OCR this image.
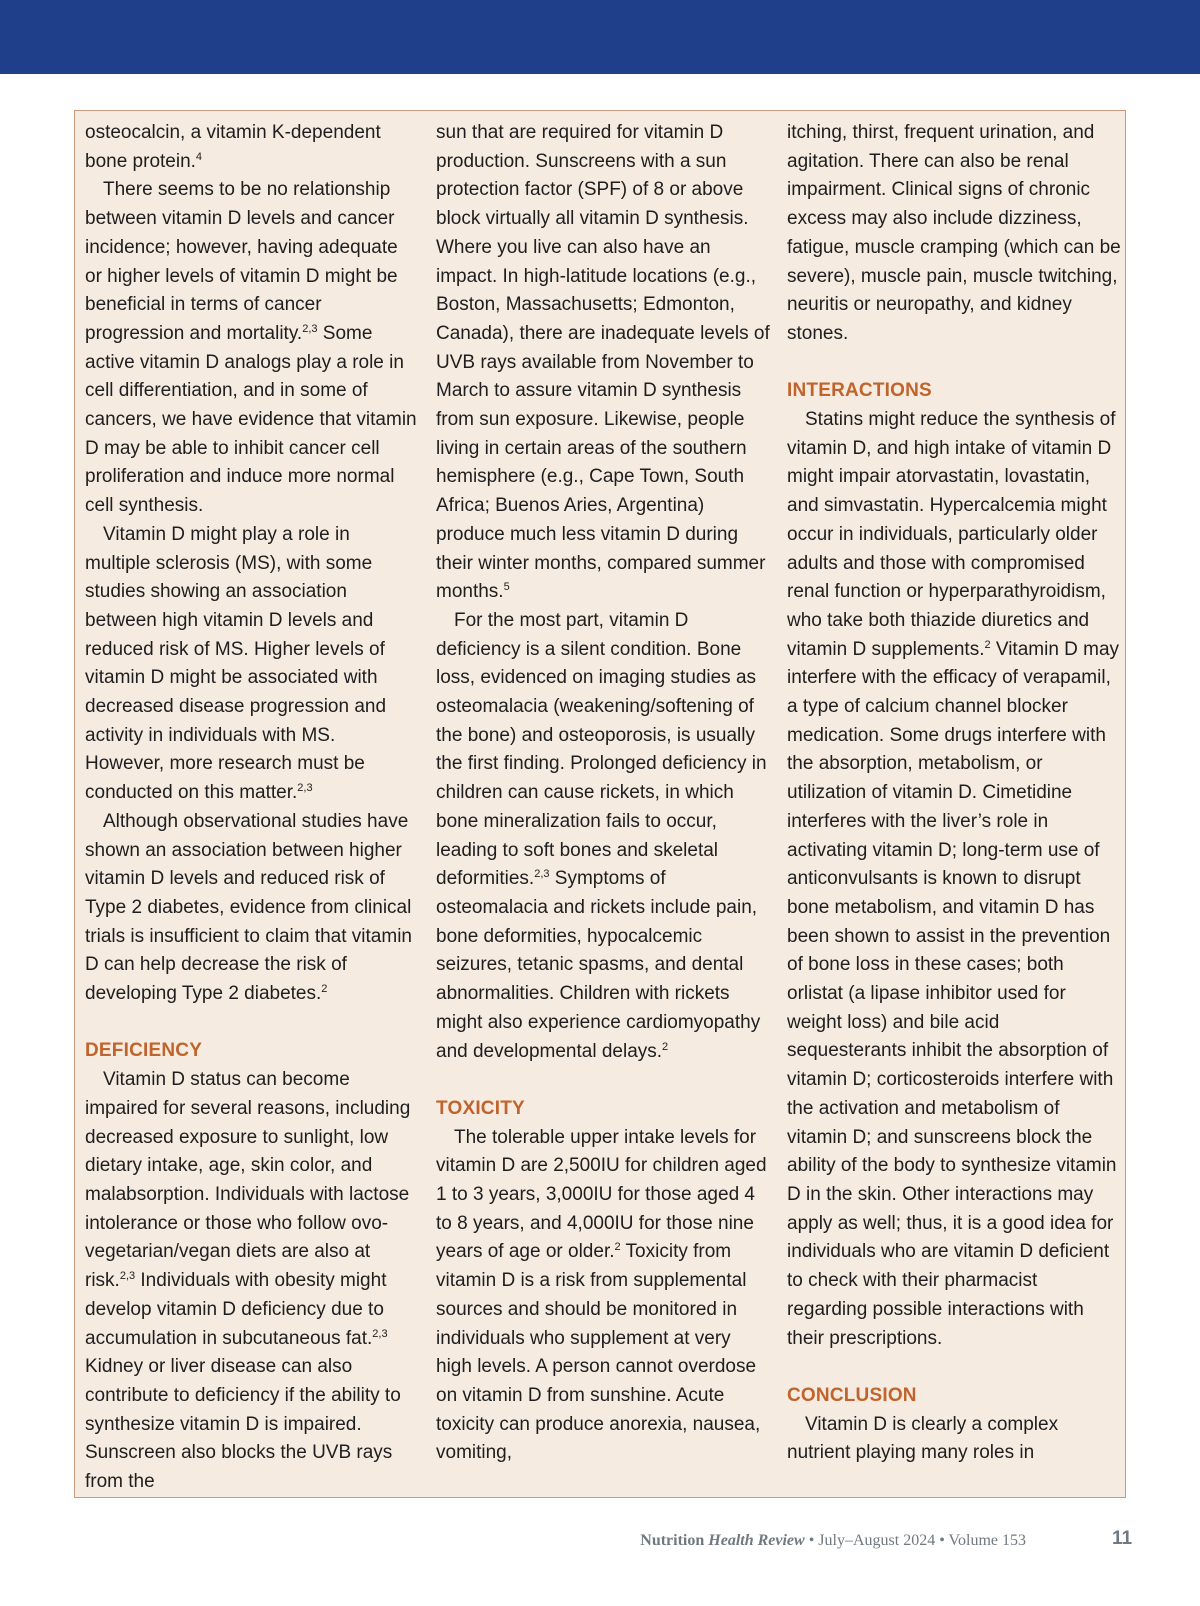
osteocalcin, a vitamin K-dependent bone protein.$^4$

There seems to be no relationship between vitamin D levels and cancer incidence; however, having adequate or higher levels of vitamin D might be beneficial in terms of cancer progression and mortality.$^{2,3}$ Some active vitamin D analogs play a role in cell differentiation, and in some of cancers, we have evidence that vitamin D may be able to inhibit cancer cell proliferation and induce more normal cell synthesis.

Vitamin D might play a role in multiple sclerosis (MS), with some studies showing an association between high vitamin D levels and reduced risk of MS. Higher levels of vitamin D might be associated with decreased disease progression and activity in individuals with MS. However, more research must be conducted on this matter.$^{2,3}$

Although observational studies have shown an association between higher vitamin D levels and reduced risk of Type 2 diabetes, evidence from clinical trials is insufficient to claim that vitamin D can help decrease the risk of developing Type 2 diabetes.$^2$

DEFICIENCY

Vitamin D status can become impaired for several reasons, including decreased exposure to sunlight, low dietary intake, age, skin color, and malabsorption. Individuals with lactose intolerance or those who follow ovo-vegetarian/vegan diets are also at risk.$^{2,3}$ Individuals with obesity might develop vitamin D deficiency due to accumulation in subcutaneous fat.$^{2,3}$ Kidney or liver disease can also contribute to deficiency if the ability to synthesize vitamin D is impaired. Sunscreen also blocks the UVB rays from the

sun that are required for vitamin D production. Sunscreens with a sun protection factor (SPF) of 8 or above block virtually all vitamin D synthesis. Where you live can also have an impact. In high-latitude locations (e.g., Boston, Massachusetts; Edmonton, Canada), there are inadequate levels of UVB rays available from November to March to assure vitamin D synthesis from sun exposure. Likewise, people living in certain areas of the southern hemisphere (e.g., Cape Town, South Africa; Buenos Aries, Argentina) produce much less vitamin D during their winter months, compared summer months.$^5$

For the most part, vitamin D deficiency is a silent condition. Bone loss, evidenced on imaging studies as osteomalacia (weakening/softening of the bone) and osteoporosis, is usually the first finding. Prolonged deficiency in children can cause rickets, in which bone mineralization fails to occur, leading to soft bones and skeletal deformities.$^{2,3}$ Symptoms of osteomalacia and rickets include pain, bone deformities, hypocalcemic seizures, tetanic spasms, and dental abnormalities. Children with rickets might also experience cardiomyopathy and developmental delays.$^2$

TOXICITY

The tolerable upper intake levels for vitamin D are 2,500IU for children aged 1 to 3 years, 3,000IU for those aged 4 to 8 years, and 4,000IU for those nine years of age or older.$^2$ Toxicity from vitamin D is a risk from supplemental sources and should be monitored in individuals who supplement at very high levels. A person cannot overdose on vitamin D from sunshine. Acute toxicity can produce anorexia, nausea, vomiting,

itching, thirst, frequent urination, and agitation. There can also be renal impairment. Clinical signs of chronic excess may also include dizziness, fatigue, muscle cramping (which can be severe), muscle pain, muscle twitching, neuritis or neuropathy, and kidney stones.

INTERACTIONS

Statins might reduce the synthesis of vitamin D, and high intake of vitamin D might impair atorvastatin, lovastatin, and simvastatin. Hypercalcemia might occur in individuals, particularly older adults and those with compromised renal function or hyperparathyroidism, who take both thiazide diuretics and vitamin D supplements.$^2$ Vitamin D may interfere with the efficacy of verapamil, a type of calcium channel blocker medication. Some drugs interfere with the absorption, metabolism, or utilization of vitamin D. Cimetidine interferes with the liver’s role in activating vitamin D; long-term use of anticonvulsants is known to disrupt bone metabolism, and vitamin D has been shown to assist in the prevention of bone loss in these cases; both orlistat (a lipase inhibitor used for weight loss) and bile acid sequesterants inhibit the absorption of vitamin D; corticosteroids interfere with the activation and metabolism of vitamin D; and sunscreens block the ability of the body to synthesize vitamin D in the skin. Other interactions may apply as well; thus, it is a good idea for individuals who are vitamin D deficient to check with their pharmacist regarding possible interactions with their prescriptions.

CONCLUSION

Vitamin D is clearly a complex nutrient playing many roles in

Nutrition Health Review • July–August 2024 • Volume 153	11
